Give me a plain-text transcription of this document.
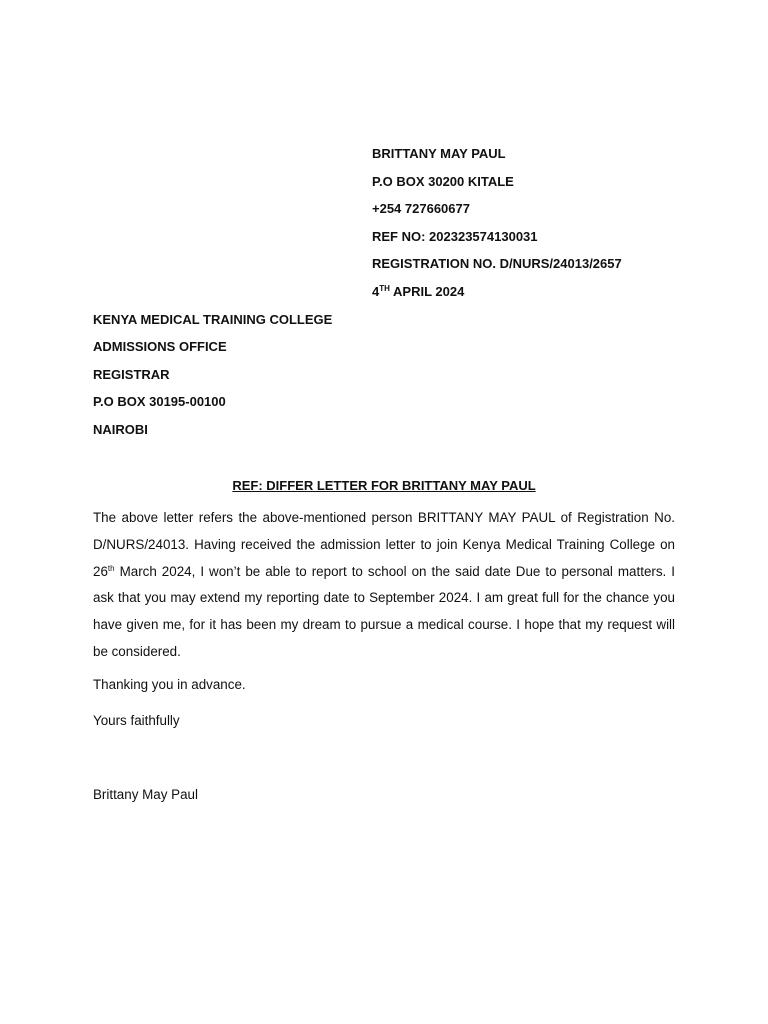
BRITTANY MAY PAUL
P.O BOX 30200 KITALE
+254 727660677
REF NO: 202323574130031
REGISTRATION NO. D/NURS/24013/2657
4TH APRIL 2024
KENYA MEDICAL TRAINING COLLEGE
ADMISSIONS OFFICE
REGISTRAR
P.O BOX 30195-00100
NAIROBI
REF: DIFFER LETTER FOR BRITTANY MAY PAUL
The above letter refers the above-mentioned person BRITTANY MAY PAUL of Registration No. D/NURS/24013. Having received the admission letter to join Kenya Medical Training College on 26th March 2024, I won’t be able to report to school on the said date Due to personal matters. I ask that you may extend my reporting date to September 2024. I am great full for the chance you have given me, for it has been my dream to pursue a medical course. I hope that my request will be considered.
Thanking you in advance.
Yours faithfully
Brittany May Paul
